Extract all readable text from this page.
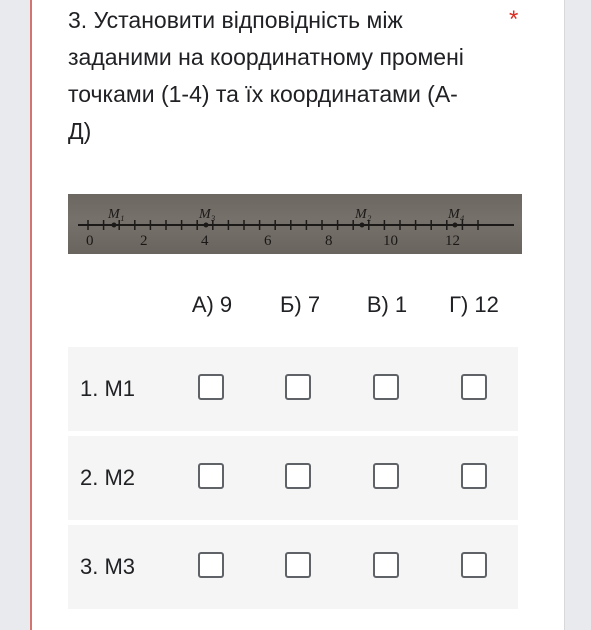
3. Установити відповідність між заданими на координатному промені точками (1-4) та їх координатами (А-Д)
*
0	2	4	6	8	10	12
M₁	M₃	M₂	M₄
А) 9	Б) 7	В) 1	Г) 12
1. M1
2. M2
3. M3
